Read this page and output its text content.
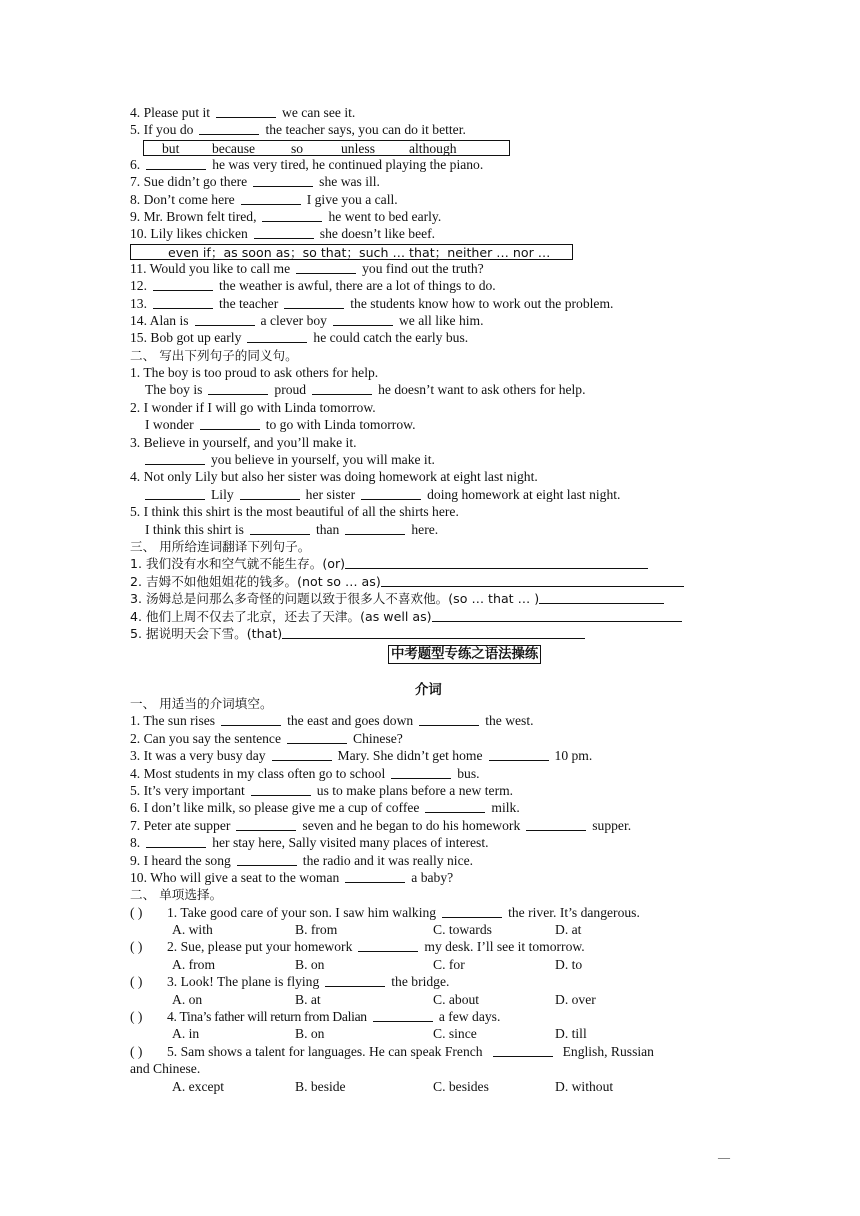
4. Please put it	we can see it.
5. If you do	the teacher says, you can do it better.
but because	so	unless	although
6.	he was very tired, he continued playing the piano.
7. Sue didn’t go there	she was ill.
8. Don’t come here	I give you a call.
9. Mr. Brown felt tired,	he went to bed early.
10. Lily likes chicken	she doesn’t like beef.
even if；as soon as；so that；such … that；neither … nor …
11. Would you like to call me	you find out the truth?
12.	the weather is awful, there are a lot of things to do.
13.	the teacher	the students know how to work out the problem.
14. Alan is	a clever boy	we all like him.
15. Bob got up early	he could catch the early bus.
二、 写出下列句子的同义句。
1. The boy is too proud to ask others for help.
The boy is	proud	he doesn’t want to ask others for help.
2. I wonder if I will go with Linda tomorrow.
I wonder	to go with Linda tomorrow.
3. Believe in yourself, and you’ll make it.
you believe in yourself, you will make it.
4. Not only Lily but also her sister was doing homework at eight last night.
Lily	her sister	doing homework at eight last night.
5. I think this shirt is the most beautiful of all the shirts here.
I think this shirt is	than	here.
三、 用所给连词翻译下列句子。
1. 我们没有水和空气就不能生存。(or)
2. 吉姆不如他姐姐花的钱多。(not so … as)
3. 汤姆总是问那么多奇怪的问题以致于很多人不喜欢他。(so … that … )
4. 他们上周不仅去了北京，还去了天津。(as well as)
5. 据说明天会下雪。(that)
中考题型专练之语法操练
介词
一、 用适当的介词填空。
1. The sun rises	the east and goes down	the west.
2. Can you say the sentence	Chinese?
3. It was a very busy day	Mary. She didn’t get home	10 pm.
4. Most students in my class often go to school	bus.
5. It’s very important	us to make plans before a new term.
6. I don’t like milk, so please give me a cup of coffee	milk.
7. Peter ate supper	seven and he began to do his homework	supper.
8.	her stay here, Sally visited many places of interest.
9. I heard the song	the radio and it was really nice.
10. Who will give a seat to the woman	a baby?
二、 单项选择。
( ) 1. Take good care of your son. I saw him walking	the river. It’s dangerous.
A. with	B. from	C. towards	D. at
( ) 2. Sue, please put your homework	my desk. I’ll see it tomorrow.
A. from	B. on	C. for	D. to
( ) 3. Look! The plane is flying	the bridge.
A. on	B. at	C. about	D. over
( ) 4. Tina’s father will return from Dalian	a few days.
A. in	B. on	C. since	D. till
( ) 5. Sam shows a talent for languages. He can speak French	English, Russian
and Chinese.
A. except	B. beside	C. besides	D. without
—
